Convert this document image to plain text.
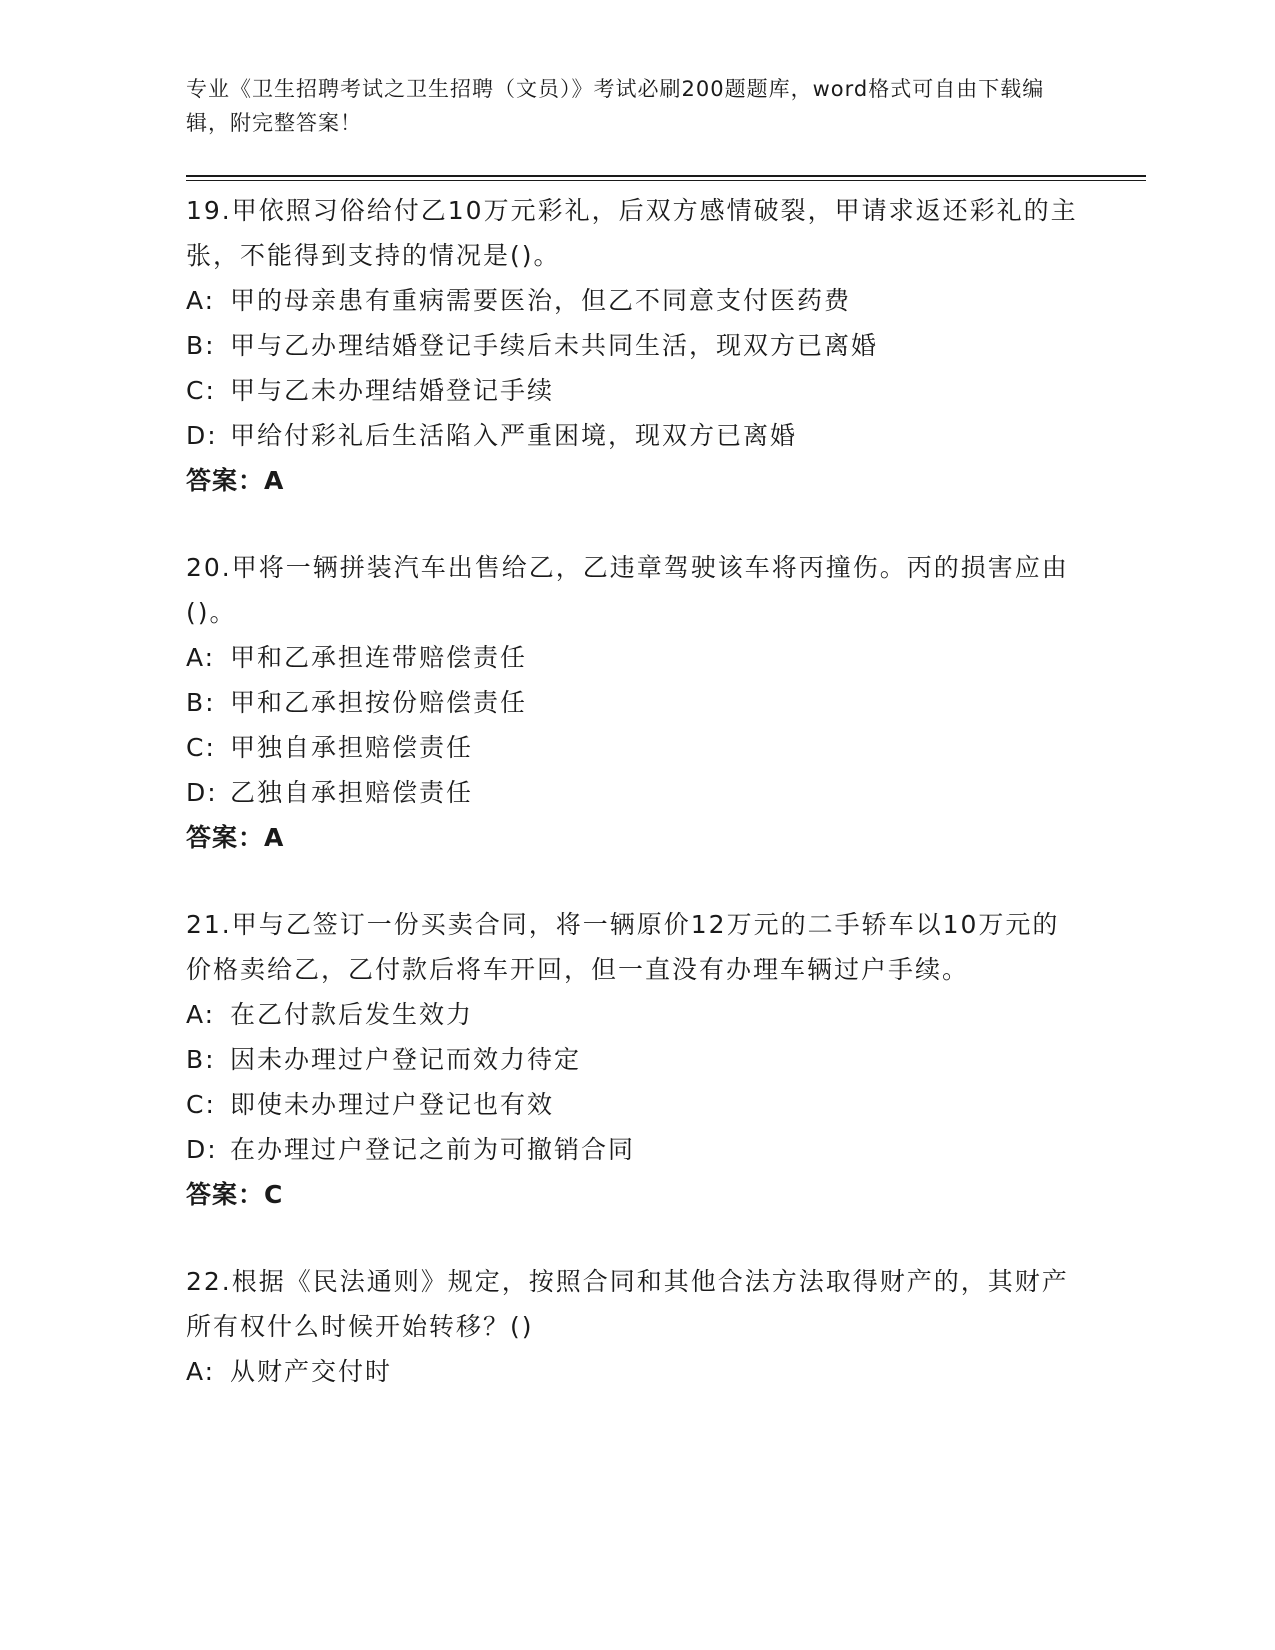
专业《卫生招聘考试之卫生招聘（文员）》考试必刷200题题库，word格式可自由下载编辑，附完整答案！
19.甲依照习俗给付乙10万元彩礼，后双方感情破裂，甲请求返还彩礼的主张，不能得到支持的情况是()。
A: 甲的母亲患有重病需要医治，但乙不同意支付医药费
B: 甲与乙办理结婚登记手续后未共同生活，现双方已离婚
C: 甲与乙未办理结婚登记手续
D: 甲给付彩礼后生活陷入严重困境，现双方已离婚
答案：A
20.甲将一辆拼装汽车出售给乙，乙违章驾驶该车将丙撞伤。丙的损害应由()。
A: 甲和乙承担连带赔偿责任
B: 甲和乙承担按份赔偿责任
C: 甲独自承担赔偿责任
D: 乙独自承担赔偿责任
答案：A
21.甲与乙签订一份买卖合同，将一辆原价12万元的二手轿车以10万元的价格卖给乙，乙付款后将车开回，但一直没有办理车辆过户手续。
A: 在乙付款后发生效力
B: 因未办理过户登记而效力待定
C: 即使未办理过户登记也有效
D: 在办理过户登记之前为可撤销合同
答案：C
22.根据《民法通则》规定，按照合同和其他合法方法取得财产的，其财产所有权什么时候开始转移？()
A: 从财产交付时
